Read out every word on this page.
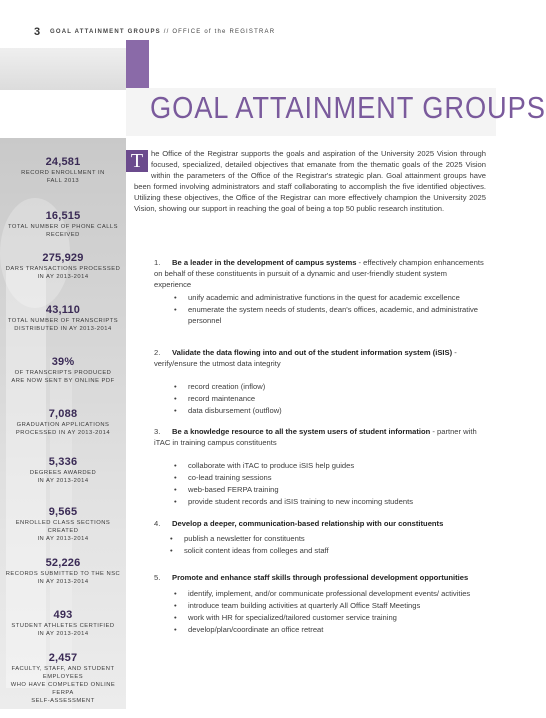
3 GOAL ATTAINMENT GROUPS // OFFICE of the REGISTRAR
GOAL ATTAINMENT GROUPS
24,581
RECORD ENROLLMENT IN
FALL 2013
16,515
TOTAL NUMBER OF PHONE CALLS RECEIVED
275,929
DARS TRANSACTIONS PROCESSED
IN AY 2013-2014
43,110
TOTAL NUMBER OF TRANSCRIPTS
DISTRIBUTED IN AY 2013-2014
39%
OF TRANSCRIPTS PRODUCED
ARE NOW SENT BY ONLINE PDF
7,088
GRADUATION APPLICATIONS
PROCESSED IN AY 2013-2014
5,336
DEGREES AWARDED
IN AY 2013-2014
9,565
ENROLLED CLASS SECTIONS CREATED
IN AY 2013-2014
52,226
RECORDS SUBMITTED TO THE NSC
IN AY 2013-2014
493
STUDENT ATHLETES CERTIFIED
IN AY 2013-2014
2,457
FACULTY, STAFF, AND STUDENT EMPLOYEES
WHO HAVE COMPLETED ONLINE FERPA
SELF-ASSESSMENT
T	he Office of the Registrar supports the goals and aspiration of the University 2025 Vision through focused, specialized, detailed objectives that emanate from the thematic goals of the 2025 Vision within the parameters of the Office of the Registrar's strategic plan. Goal attainment groups have been formed involving administrators and staff collaborating to accomplish the five identified objectives. Utilizing these objectives, the Office of the Registrar can more effectively champion the University 2025 Vision, showing our support in reaching the goal of being a top 50 public research institution.
1. Be a leader in the development of campus systems - effectively champion enhancements on behalf of these constituents in pursuit of a dynamic and user-friendly student system experience
• unify academic and administrative functions in the quest for academic excellence
• enumerate the system needs of students, dean's offices, academic, and administrative personnel
2. Validate the data flowing into and out of the student information system (iSIS) - verify/ensure the utmost data integrity
• record creation (inflow)
• record maintenance
• data disbursement (outflow)
3. Be a knowledge resource to all the system users of student information - partner with iTAC in training campus constituents
• collaborate with iTAC to produce iSIS help guides
• co-lead training sessions
• web-based FERPA training
• provide student records and iSIS training to new incoming students
4. Develop a deeper, communication-based relationship with our constituents
• publish a newsletter for constituents
• solicit content ideas from colleges and staff
5. Promote and enhance staff skills through professional development opportunities
• identify, implement, and/or communicate professional development events/ activities
• introduce team building activities at quarterly All Office Staff Meetings
• work with HR for specialized/tailored customer service training
• develop/plan/coordinate an office retreat
